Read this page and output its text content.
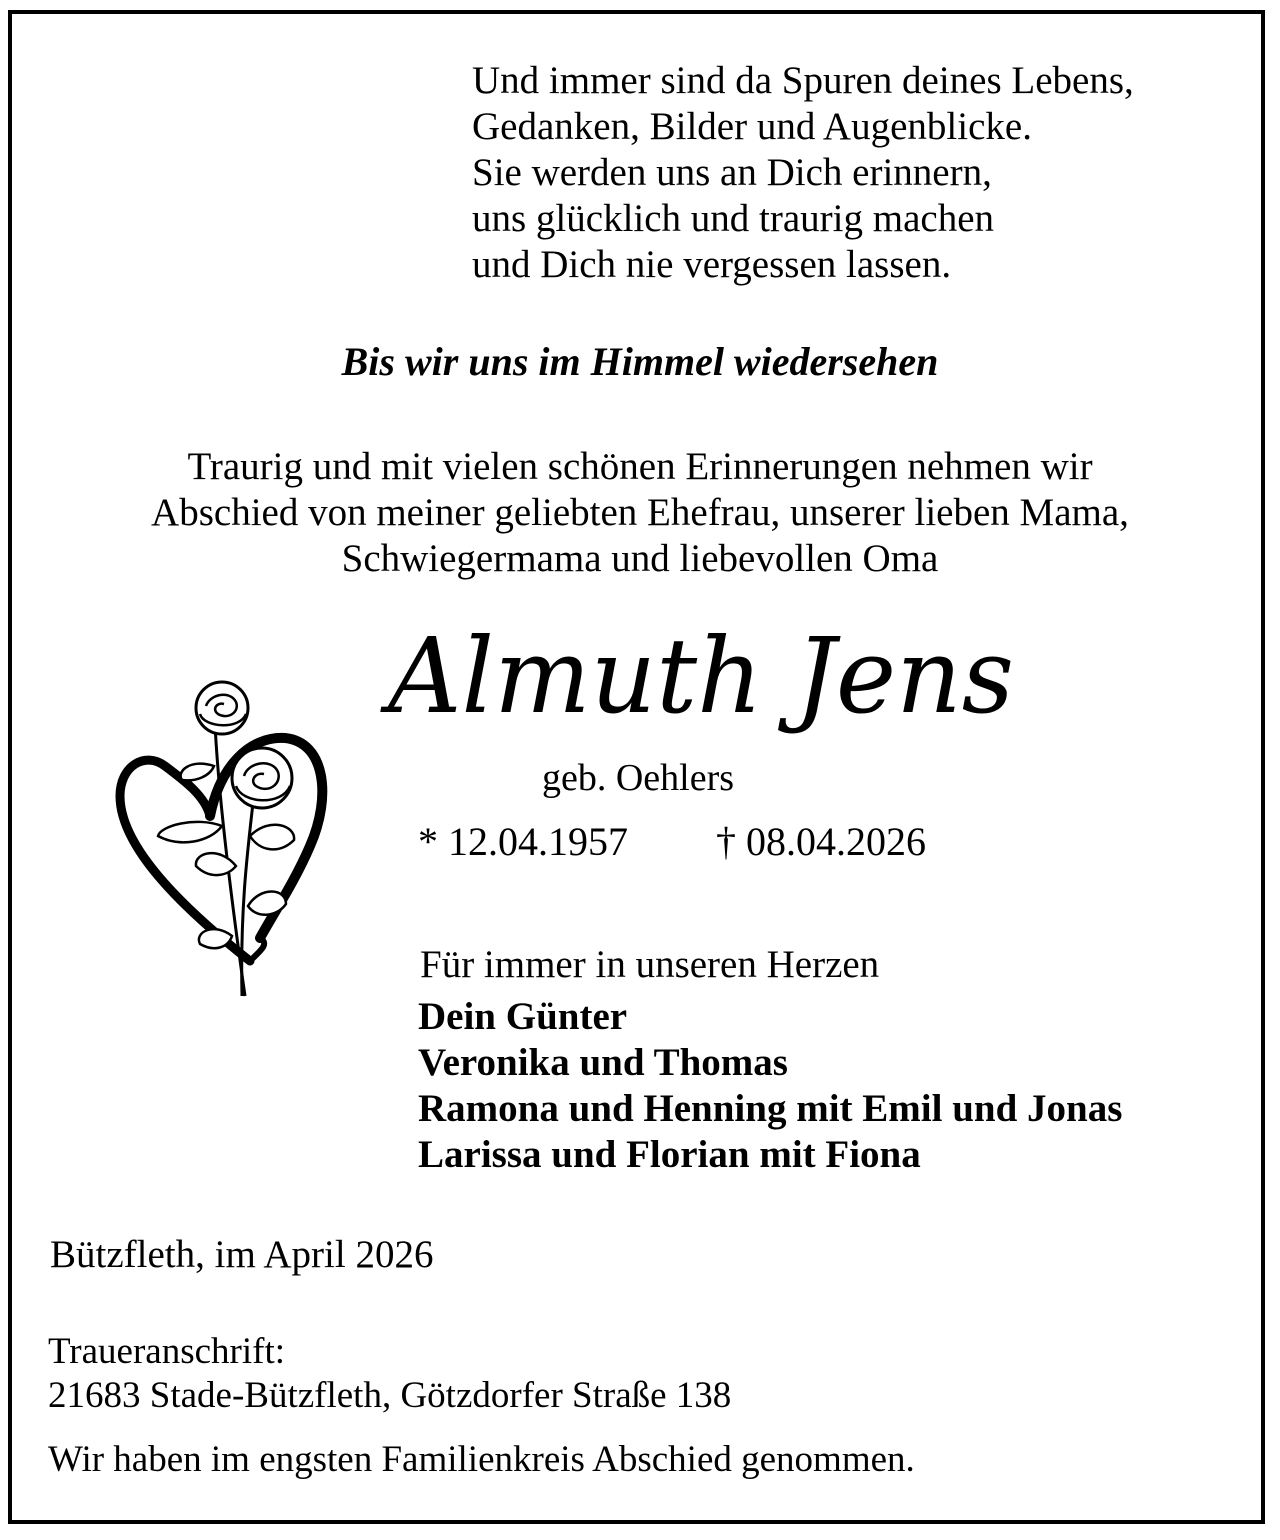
Und immer sind da Spuren deines Lebens,
Gedanken, Bilder und Augenblicke.
Sie werden uns an Dich erinnern,
uns glücklich und traurig machen
und Dich nie vergessen lassen.
Bis wir uns im Himmel wiedersehen
Traurig und mit vielen schönen Erinnerungen nehmen wir
Abschied von meiner geliebten Ehefrau, unserer lieben Mama,
Schwiegermama und liebevollen Oma
Almuth Jens
geb. Oehlers
* 12.04.1957 † 08.04.2026
Für immer in unseren Herzen
Dein Günter
Veronika und Thomas
Ramona und Henning mit Emil und Jonas
Larissa und Florian mit Fiona
Bützfleth, im April 2026
Traueranschrift:
21683 Stade-Bützfleth, Götzdorfer Straße 138
Wir haben im engsten Familienkreis Abschied genommen.
